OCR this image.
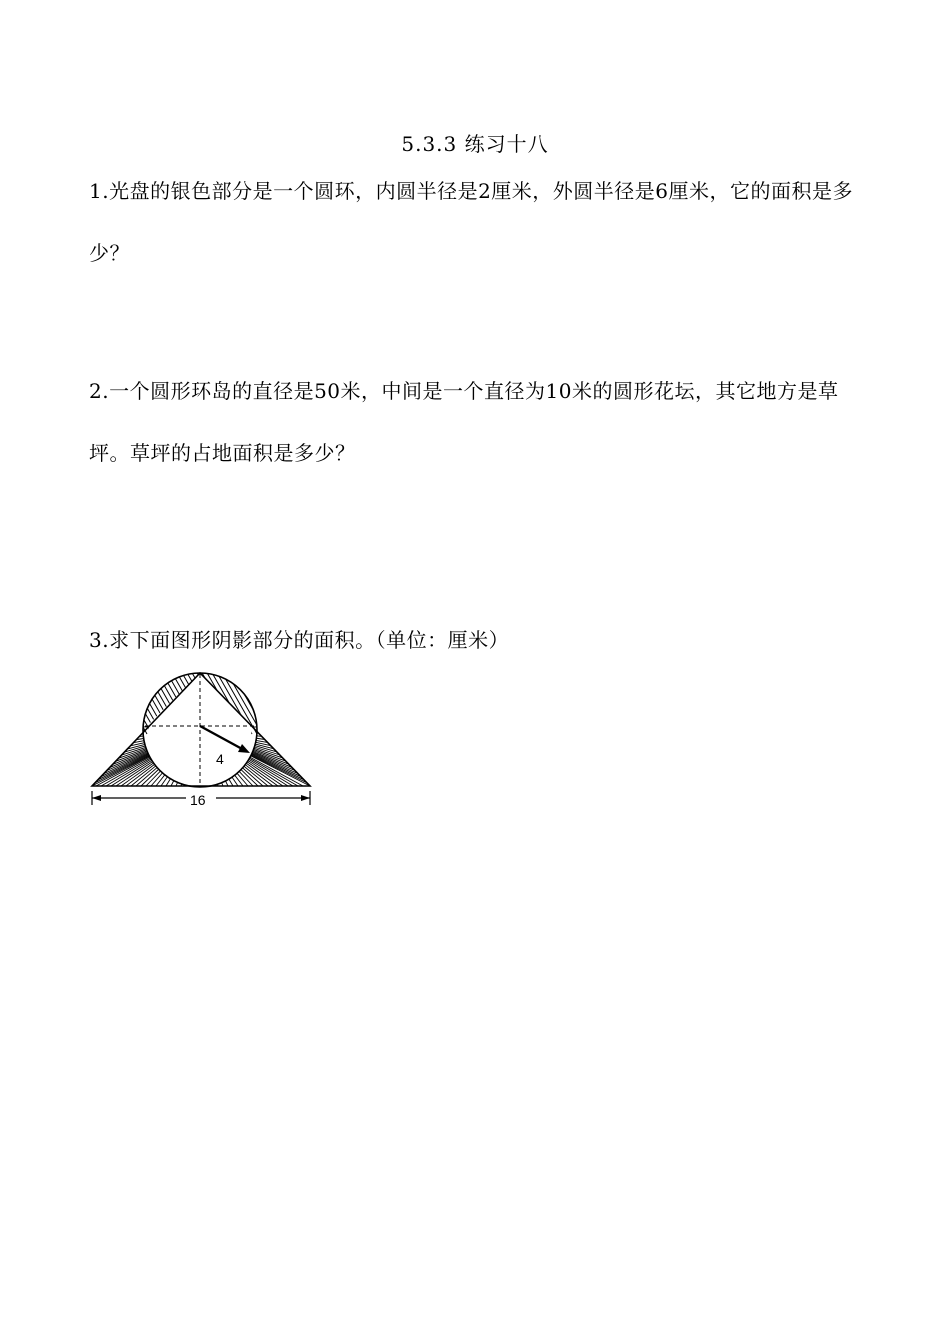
5.3.3 练习十八
1.光盘的银色部分是一个圆环，内圆半径是2厘米，外圆半径是6厘米，它的面积是多少？
2.一个圆形环岛的直径是50米，中间是一个直径为10米的圆形花坛，其它地方是草坪。草坪的占地面积是多少？
3.求下面图形阴影部分的面积。（单位：厘米）
4
16
